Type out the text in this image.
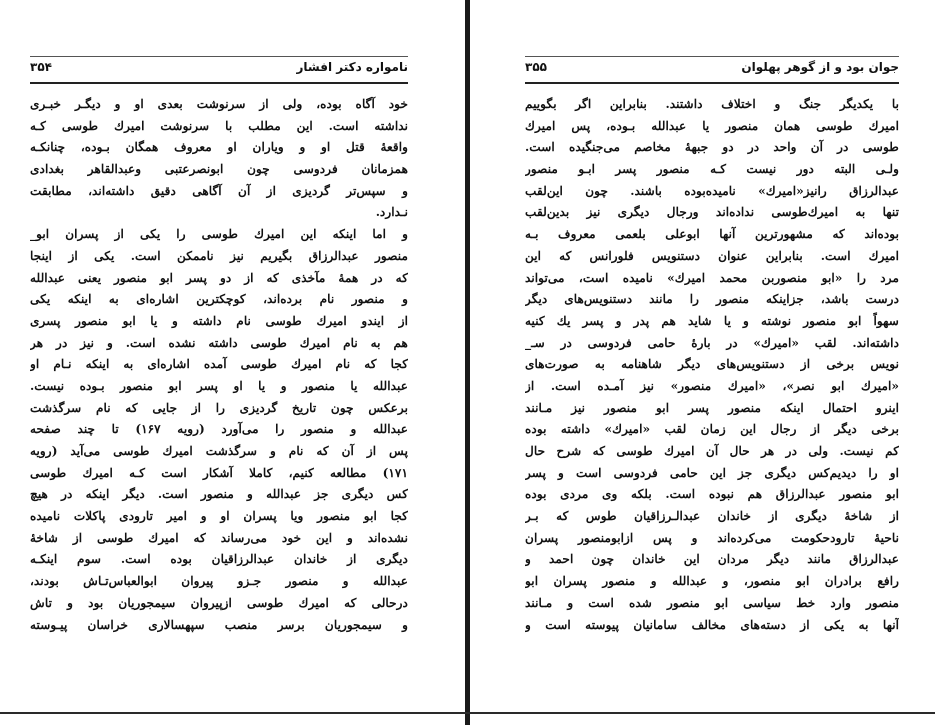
نامواره دکتر افشار
۳۵۴
خود آگاه بوده، ولی از سرنوشت بعدی او و دیگـر خبـری
نداشته است. این مطلب با سرنوشت امیرك طوسی کـه
واقعهٔ قتل او و ویاران او معروف همگان بـوده، چنانکـه
همزمانان فردوسی چون ابونصرعتبی وعبدالقاهر بغدادی
و سپس‌تر گردیزی از آن آگاهی دقیق داشته‌اند، مطابقت
نـدارد.
و اما اینکه این امیرك طوسی را یکی از پسران ابو_
منصور عبدالرزاق بگیریم نیز ناممکن است. یکی از اینجا
که در همهٔ مآخذی که از دو پسر ابو منصور یعنی عبدالله
و منصور نام برده‌اند، کوچکترین اشاره‌ای به اینکه یکی
از ایندو امیرك طوسی نام داشته و یا ابو منصور پسری
هم به نام امیرك طوسی داشته نشده است. و نیز در هر
کجا که نام امیرك طوسی آمده اشاره‌ای به اینکه نـام او
عبدالله یا منصور و یا او پسر ابو منصور بـوده نیست.
برعکس چون تاریخ گردیزی را از جایی که نام سرگذشت
عبدالله و منصور را می‌آورد (رویه ۱۶۷) تا چند صفحه
پس از آن که نام و سرگذشت امیرك طوسی می‌آید (رویه
۱۷۱) مطالعه کنیم، کاملا آشکار است کـه امیرك طوسی
کس دیگری جز عبدالله و منصور است. دیگر اینکه در هیچ
کجا ابو منصور ویا پسران او و امیر تارودی پاکلات نامیده
نشده‌اند و این خود می‌رساند که امیرك طوسی از شاخهٔ
دیگری از خاندان عبدالرزاقیان بوده است. سوم اینکـه
عبدالله و منصور جـزو پیروان ابوالعباس‌تـاش بودند،
درحالی که امیرك طوسی ازپیروان سیمجوریان بود و تاش
و سیمجوریان برسر منصب سپهسالاری خراسان پیـوسته
جوان بود و از گوهر پهلوان
۳۵۵
با یکدیگر جنگ و اختلاف داشتند. بنابراین اگر بگوییم
امیرك طوسی همان منصور یا عبدالله بـوده، پس امیرك
طوسی در آن واحد در دو جبههٔ مخاصم می‌جنگیده است.
ولـی البته دور نیست کـه منصور پسر ابـو منصور
عبدالرزاق رانیز«امیرك» نامیده‌بوده باشند. چون این‌لقب
تنها به امیرك‌طوسی نداده‌اند ورجال دیگری نیز بدین‌لقب
بوده‌اند که مشهورترین آنها ابوعلی بلعمی معروف بـه
امیرك است. بنابراین عنوان دستنویس فلورانس که این
مرد را «ابو منصوربن محمد امیرك» نامیده است، می‌تواند
درست باشد، جزاینکه منصور را مانند دستنویس‌های دیگر
سهواً ابو منصور نوشته و یا شاید هم پدر و پسر یك کنیه
داشته‌اند. لقب «امیرك» در بارهٔ حامی فردوسی در سـ_
نویس برخی از دستنویس‌های دیگر شاهنامه به صورت‌های
«امیرك ابو نصر»، «امیرك منصور» نیز آمـده است. از
اینرو احتمال اینکه منصور پسر ابو منصور نیز مـانند
برخی دیگر از رجال این زمان لقب «امیرك» داشته بوده
کم نیست. ولی در هر حال آن امیرك طوسی که شرح حال
او را دیدیم‌کس دیگری جز این حامی فردوسی است و پسر
ابو منصور عبدالرزاق هم نبوده است. بلکه وی مردی بوده
از شاخهٔ دیگری از خاندان عبدالـرزاقیان طوس که بـر
ناحیهٔ تارودحکومت می‌کرده‌اند و پس ازابومنصور پسران
عبدالرزاق مانند دیگر مردان این خاندان چون احمد و
رافع برادران ابو منصور، و عبدالله و منصور پسران ابو
منصور وارد خط سیاسی ابو منصور شده است و مـانند
آنها به یکی از دسته‌های مخالف سامانیان پیوسته است و
